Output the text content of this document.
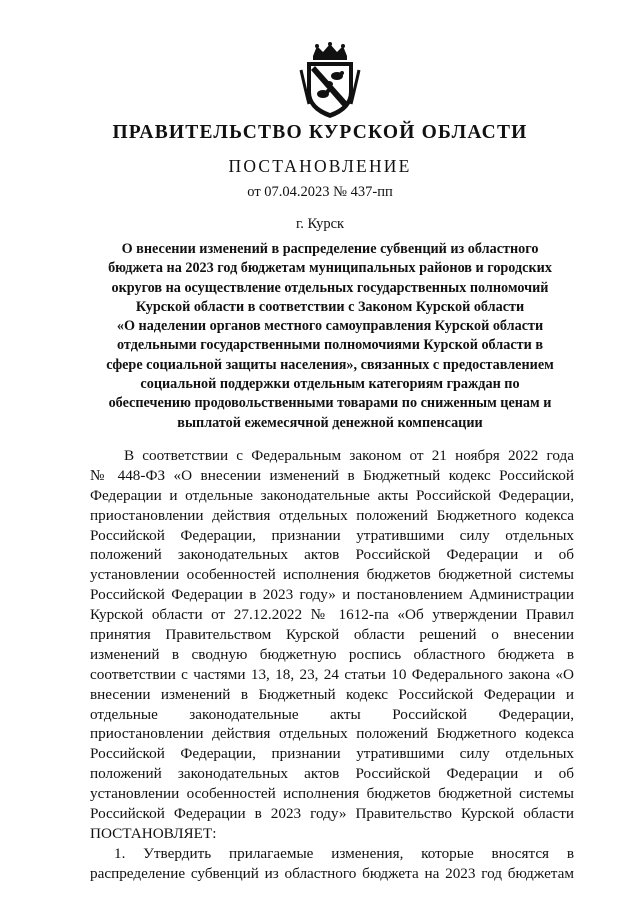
ПРАВИТЕЛЬСТВО КУРСКОЙ ОБЛАСТИ
ПОСТАНОВЛЕНИЕ
от 07.04.2023 № 437-пп
г. Курск
О внесении изменений в распределение субвенций из областного
бюджета на 2023 год бюджетам муниципальных районов и городских
округов на осуществление отдельных государственных полномочий
Курской области в соответствии с Законом Курской области
«О наделении органов местного самоуправления Курской области
отдельными государственными полномочиями Курской области в
сфере социальной защиты населения», связанных с предоставлением
социальной поддержки отдельным категориям граждан по
обеспечению продовольственными товарами по сниженным ценам и
выплатой ежемесячной денежной компенсации
В соответствии с Федеральным законом от 21 ноября 2022 года
№ 448-ФЗ «О внесении изменений в Бюджетный кодекс Российской
Федерации и отдельные законодательные акты Российской Федерации,
приостановлении действия отдельных положений Бюджетного кодекса
Российской Федерации, признании утратившими силу отдельных
положений законодательных актов Российской Федерации и об
установлении особенностей исполнения бюджетов бюджетной системы
Российской Федерации в 2023 году» и постановлением Администрации
Курской области от 27.12.2022 № 1612-па «Об утверждении Правил
принятия Правительством Курской области решений о внесении
изменений в сводную бюджетную роспись областного бюджета в
соответствии с частями 13, 18, 23, 24 статьи 10 Федерального закона «О
внесении изменений в Бюджетный кодекс Российской Федерации и
отдельные законодательные акты Российской Федерации,
приостановлении действия отдельных положений Бюджетного кодекса
Российской Федерации, признании утратившими силу отдельных
положений законодательных актов Российской Федерации и об
установлении особенностей исполнения бюджетов бюджетной системы
Российской Федерации в 2023 году» Правительство Курской области
ПОСТАНОВЛЯЕТ:
1. Утвердить прилагаемые изменения, которые вносятся в
распределение субвенций из областного бюджета на 2023 год бюджетам
